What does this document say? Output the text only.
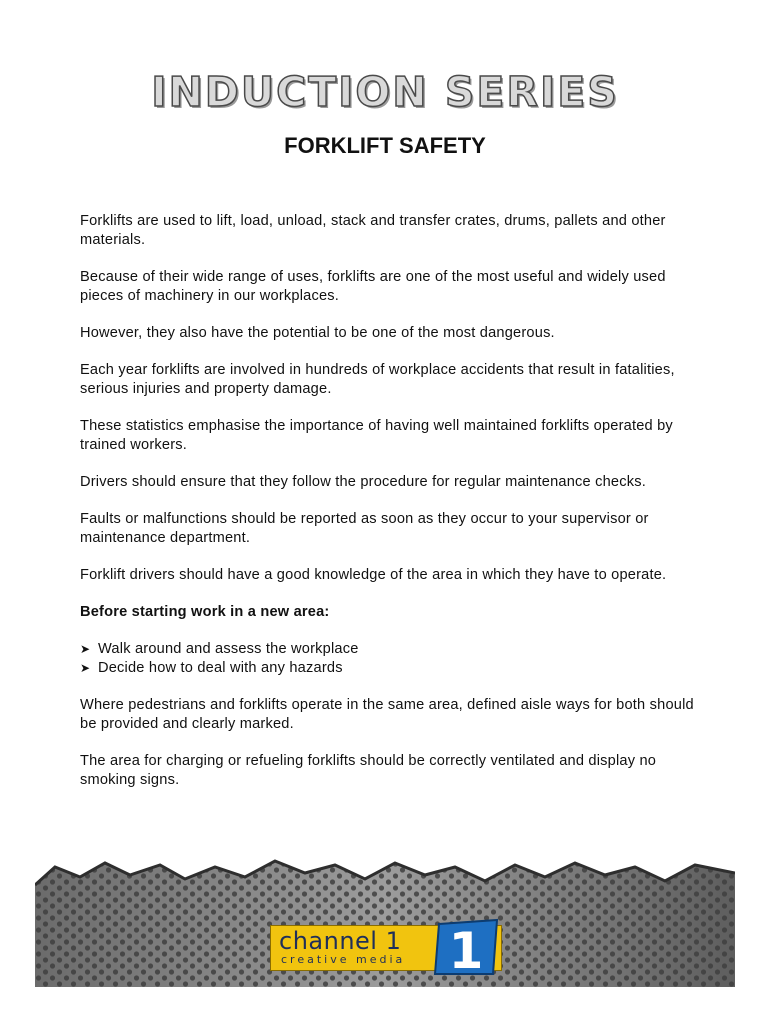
INDUCTION SERIES
FORKLIFT SAFETY

Forklifts are used to lift, load, unload, stack and transfer crates, drums, pallets and other materials.

Because of their wide range of uses, forklifts are one of the most useful and widely used pieces of machinery in our workplaces.

However, they also have the potential to be one of the most dangerous.

Each year forklifts are involved in hundreds of workplace accidents that result in fatalities, serious injuries and property damage.

These statistics emphasise the importance of having well maintained forklifts operated by trained workers.

Drivers should ensure that they follow the procedure for regular maintenance checks.

Faults or malfunctions should be reported as soon as they occur to your supervisor or maintenance department.

Forklift drivers should have a good knowledge of the area in which they have to operate.

Before starting work in a new area:

➤ Walk around and assess the workplace
➤ Decide how to deal with any hazards

Where pedestrians and forklifts operate in the same area, defined aisle ways for both should be provided and clearly marked.

The area for charging or refueling forklifts should be correctly ventilated and display no smoking signs.

channel 1
creative media 1
